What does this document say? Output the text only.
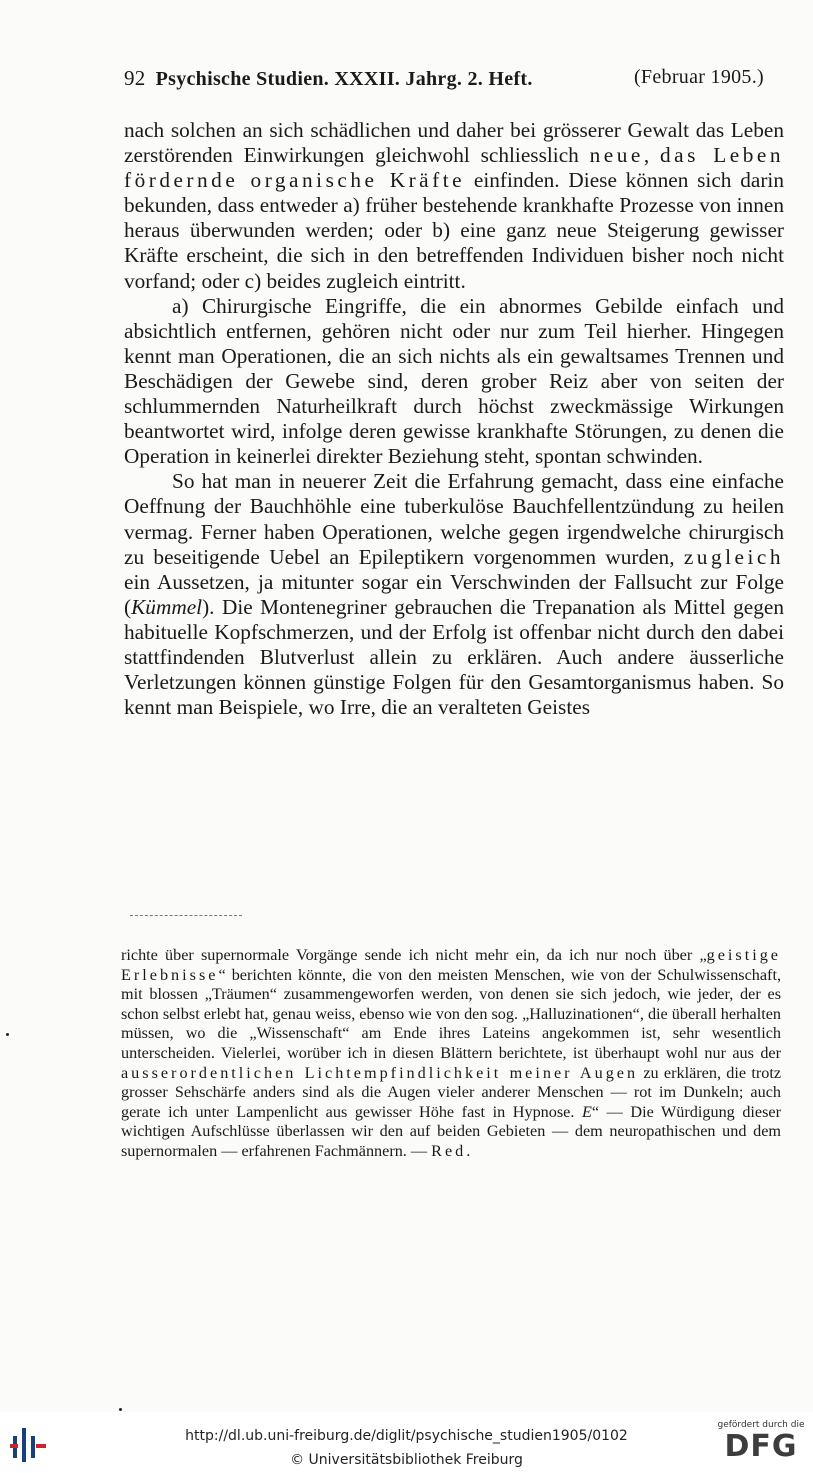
92 Psychische Studien. XXXII. Jahrg. 2. Heft.	(Februar 1905.)

nach solchen an sich schädlichen und daher bei grösserer Gewalt das Leben zerstörenden Einwirkungen gleichwohl schliesslich neue, das Leben fördernde organische Kräfte einfinden. Diese können sich darin bekunden, dass entweder a) früher bestehende krankhafte Prozesse von innen heraus überwunden werden; oder b) eine ganz neue Steigerung gewisser Kräfte erscheint, die sich in den betreffenden Individuen bisher noch nicht vorfand; oder c) beides zugleich eintritt.

a) Chirurgische Eingriffe, die ein abnormes Gebilde einfach und absichtlich entfernen, gehören nicht oder nur zum Teil hierher. Hingegen kennt man Operationen, die an sich nichts als ein gewaltsames Trennen und Beschädigen der Gewebe sind, deren grober Reiz aber von seiten der schlummernden Naturheilkraft durch höchst zweckmässige Wirkungen beantwortet wird, infolge deren gewisse krankhafte Störungen, zu denen die Operation in keinerlei direkter Beziehung steht, spontan schwinden.

So hat man in neuerer Zeit die Erfahrung gemacht, dass eine einfache Oeffnung der Bauchhöhle eine tuberkulöse Bauchfellentzündung zu heilen vermag. Ferner haben Operationen, welche gegen irgendwelche chirurgisch zu beseitigende Uebel an Epileptikern vorgenommen wurden, zugleich ein Aussetzen, ja mitunter sogar ein Verschwinden der Fallsucht zur Folge (Kümmel). Die Montenegriner gebrauchen die Trepanation als Mittel gegen habituelle Kopfschmerzen, und der Erfolg ist offenbar nicht durch den dabei stattfindenden Blutverlust allein zu erklären. Auch andere äusserliche Verletzungen können günstige Folgen für den Gesamtorganismus haben. So kennt man Beispiele, wo Irre, die an veralteten Geistes

richte über supernormale Vorgänge sende ich nicht mehr ein, da ich nur noch über „geistige Erlebnisse“ berichten könnte, die von den meisten Menschen, wie von der Schulwissenschaft, mit blossen „Träumen“ zusammengeworfen werden, von denen sie sich jedoch, wie jeder, der es schon selbst erlebt hat, genau weiss, ebenso wie von den sog. „Halluzinationen“, die überall herhalten müssen, wo die „Wissenschaft“ am Ende ihres Lateins angekommen ist, sehr wesentlich unterscheiden. Vielerlei, worüber ich in diesen Blättern berichtete, ist überhaupt wohl nur aus der ausserordentlichen Lichtempfindlichkeit meiner Augen zu erklären, die trotz grosser Sehschärfe anders sind als die Augen vieler anderer Menschen — rot im Dunkeln; auch gerate ich unter Lampenlicht aus gewisser Höhe fast in Hypnose. E“ — Die Würdigung dieser wichtigen Aufschlüsse überlassen wir den auf beiden Gebieten — dem neuropathischen und dem supernormalen — erfahrenen Fachmännern. — Red.

http://dl.ub.uni-freiburg.de/diglit/psychische_studien1905/0102
© Universitätsbibliothek Freiburg
gefördert durch die
DFG
